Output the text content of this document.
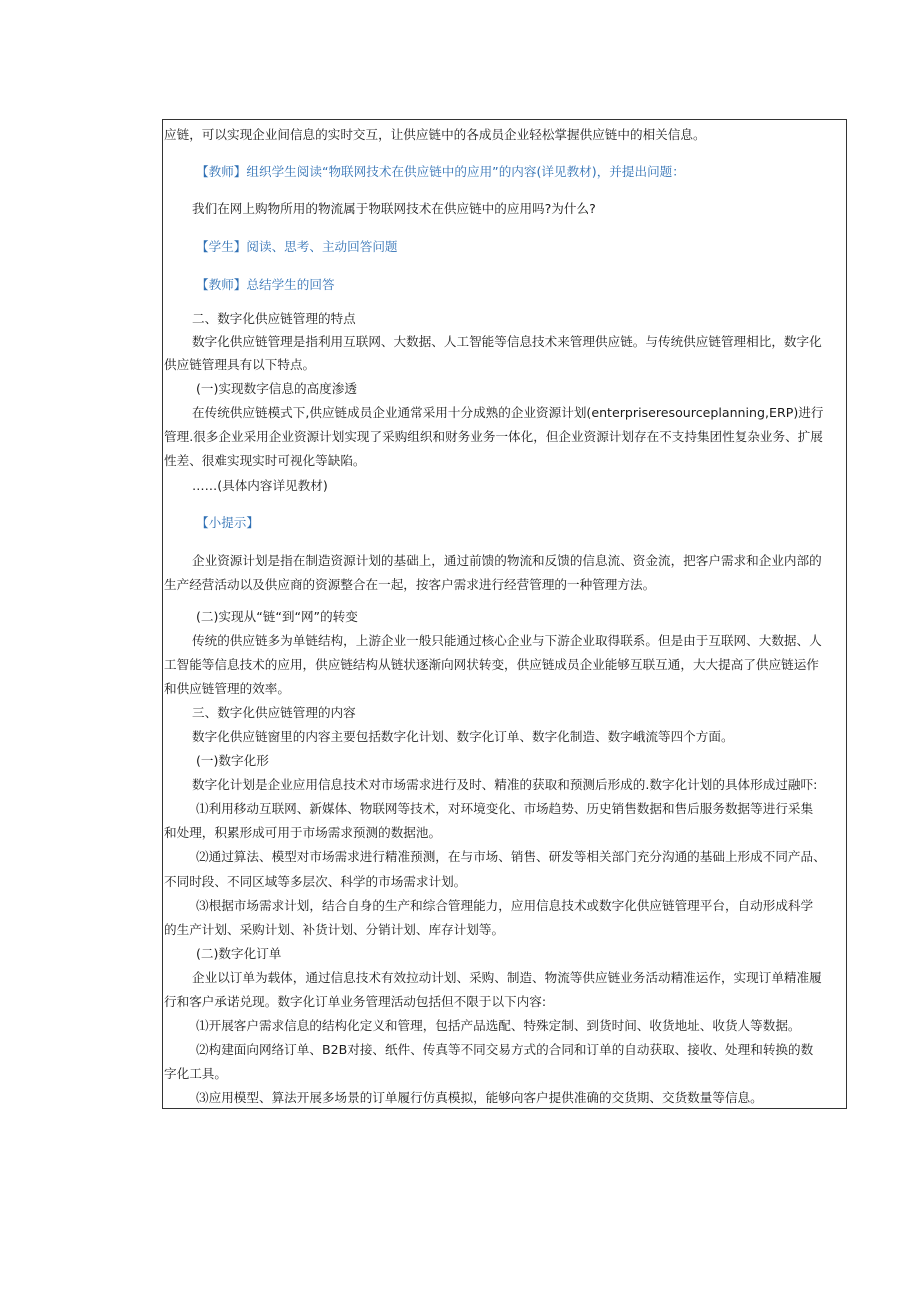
应链，可以实现企业间信息的实时交互，让供应链中的各成员企业轻松掌握供应链中的相关信息。

【教师】组织学生阅读“物联网技术在供应链中的应用”的内容(详见教材)，并提出问题：

我们在网上购物所用的物流属于物联网技术在供应链中的应用吗?为什么?

【学生】阅读、思考、主动回答问题

【教师】总结学生的回答

二、数字化供应链管理的特点

数字化供应链管理是指利用互联网、大数据、人工智能等信息技术来管理供应链。与传统供应链管理相比，数字化

供应链管理具有以下特点。

(一)实现数字信息的高度渗透

在传统供应链模式下,供应链成员企业通常采用十分成熟的企业资源计划(enterpriseresourceplanning,ERP)进行

管理.很多企业采用企业资源计划实现了采购组织和财务业务一体化，但企业资源计划存在不支持集团性复杂业务、扩展

性差、很难实现实时可视化等缺陷。

……(具体内容详见教材)

【小提示】

企业资源计划是指在制造资源计划的基础上，通过前馈的物流和反馈的信息流、资金流，把客户需求和企业内部的

生产经营活动以及供应商的资源整合在一起，按客户需求进行经营管理的一种管理方法。

(二)实现从“链“到“网”的转变

传统的供应链多为单链结构，上游企业一般只能通过核心企业与下游企业取得联系。但是由于互联网、大数据、人

工智能等信息技术的应用，供应链结构从链状逐渐向网状转变，供应链成员企业能够互联互通，大大提高了供应链运作

和供应链管理的效率。

三、数字化供应链管理的内容

数字化供应链窗里的内容主要包括数字化计划、数字化订单、数字化制造、数字峨流等四个方面。

(一)数字化形

数字化计划是企业应用信息技术对市场需求进行及时、精准的获取和预测后形成的.数字化计划的具体形成过融吓:

⑴利用移动互联网、新媒体、物联网等技术，对环境变化、市场趋势、历史销售数据和售后服务数据等进行采集

和处理，积累形成可用于市场需求预测的数据池。

⑵通过算法、模型对市场需求进行精准预测，在与市场、销售、研发等相关部门充分沟通的基础上形成不同产品、

不同时段、不同区域等多层次、科学的市场需求计划。

⑶根据市场需求计划，结合自身的生产和综合管理能力，应用信息技术或数字化供应链管理平台，自动形成科学

的生产计划、采购计划、补货计划、分销计划、库存计划等。

(二)数字化订单

企业以订单为载体，通过信息技术有效拉动计划、采购、制造、物流等供应链业务活动精准运作，实现订单精准履

行和客户承诺兑现。数字化订单业务管理活动包括但不限于以下内容:

⑴开展客户需求信息的结构化定义和管理，包括产品选配、特殊定制、到货时间、收货地址、收货人等数据。

⑵构建面向网络订单、B2B对接、纸件、传真等不同交易方式的合同和订单的自动获取、接收、处理和转换的数

字化工具。

⑶应用模型、算法开展多场景的订单履行仿真模拟，能够向客户提供准确的交货期、交货数量等信息。
